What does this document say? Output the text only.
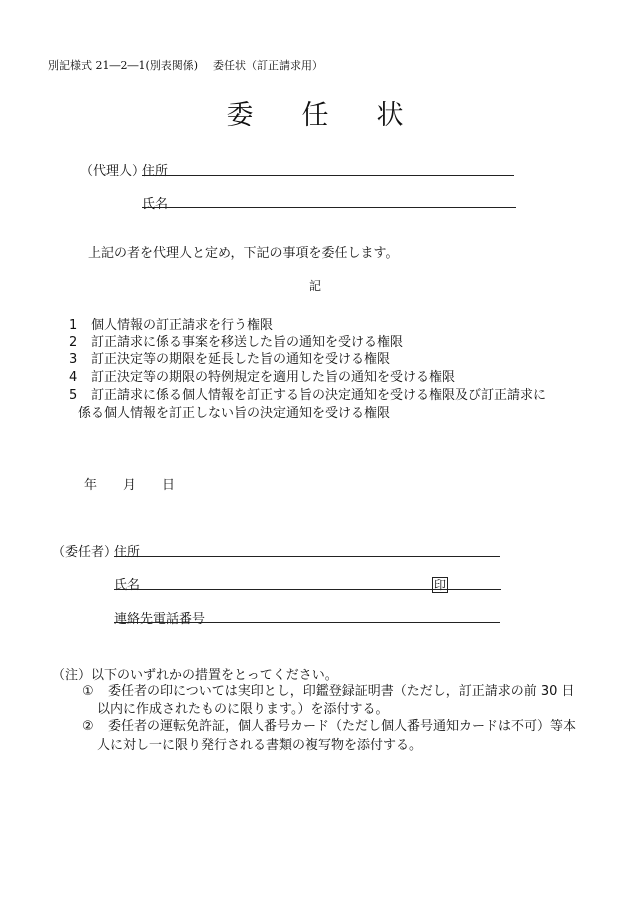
別記様式 21―2―1(別表関係) 委任状（訂正請求用）
委任状
（代理人）
住所
氏名
上記の者を代理人と定め，下記の事項を委任します。
記
1 個人情報の訂正請求を行う権限
2 訂正請求に係る事案を移送した旨の通知を受ける権限
3 訂正決定等の期限を延長した旨の通知を受ける権限
4 訂正決定等の期限の特例規定を適用した旨の通知を受ける権限
5 訂正請求に係る個人情報を訂正する旨の決定通知を受ける権限及び訂正請求に
係る個人情報を訂正しない旨の決定通知を受ける権限
年 月 日
（委任者）
住所
氏名	印
連絡先電話番号
（注）以下のいずれかの措置をとってください。
① 委任者の印については実印とし，印鑑登録証明書（ただし，訂正請求の前 30 日
以内に作成されたものに限ります。）を添付する。
② 委任者の運転免許証，個人番号カード（ただし個人番号通知カードは不可）等本
人に対し一に限り発行される書類の複写物を添付する。
